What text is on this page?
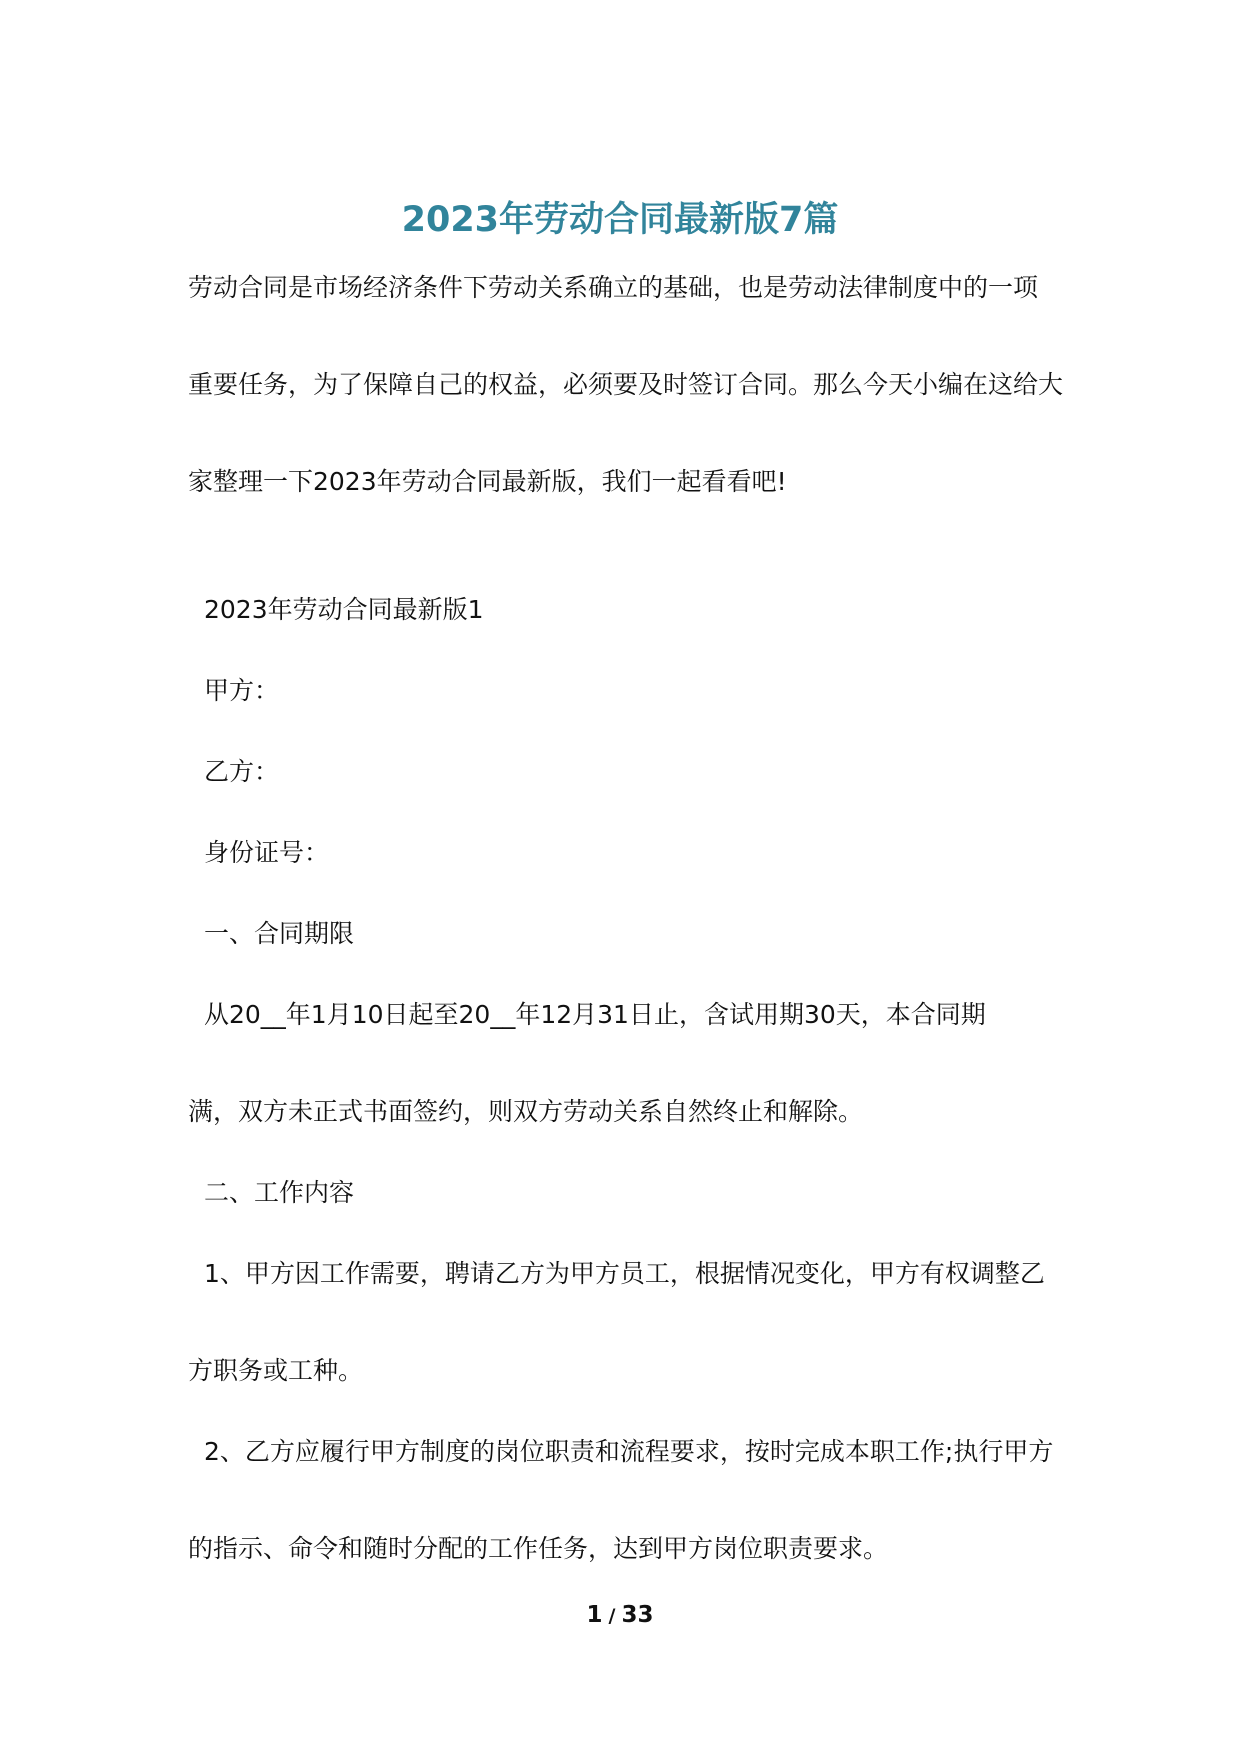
2023年劳动合同最新版7篇

劳动合同是市场经济条件下劳动关系确立的基础，也是劳动法律制度中的一项

重要任务，为了保障自己的权益，必须要及时签订合同。那么今天小编在这给大

家整理一下2023年劳动合同最新版，我们一起看看吧!

2023年劳动合同最新版1

甲方：

乙方：

身份证号：

一、合同期限

从20__年1月10日起至20__年12月31日止，含试用期30天，本合同期

满，双方未正式书面签约，则双方劳动关系自然终止和解除。

二、工作内容

1、甲方因工作需要，聘请乙方为甲方员工，根据情况变化，甲方有权调整乙

方职务或工种。

2、乙方应履行甲方制度的岗位职责和流程要求，按时完成本职工作;执行甲方

的指示、命令和随时分配的工作任务，达到甲方岗位职责要求。

1 / 33
